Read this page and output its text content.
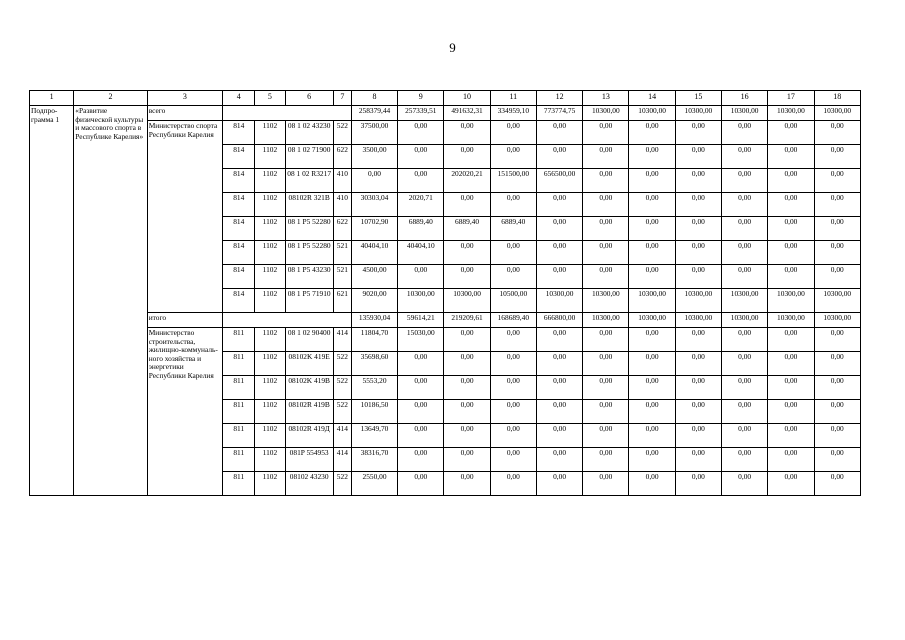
9
1	2	3	4	5	6	7	8	9	10	11	12	13	14	15	16	17	18
Подпро-грамма 1	«Развитие физической культуры и массового спорта в Республике Карелия»	всего					258379,44	257339,51	491632,31	334959,10	773774,75	10300,00	10300,00	10300,00	10300,00	10300,00	10300,00
		Министерство спорта Республики Карелия	814	1102	08 1 02 43230	522	37500,00	0,00	0,00	0,00	0,00	0,00	0,00	0,00	0,00	0,00	0,00
			814	1102	08 1 02 71900	622	3500,00	0,00	0,00	0,00	0,00	0,00	0,00	0,00	0,00	0,00	0,00
			814	1102	08 1 02 R3217	410	0,00	0,00	202020,21	151500,00	656500,00	0,00	0,00	0,00	0,00	0,00	0,00
			814	1102	08102R 321B	410	30303,04	2020,71	0,00	0,00	0,00	0,00	0,00	0,00	0,00	0,00	0,00
			814	1102	08 1 P5 52280	622	10702,90	6889,40	6889,40	6889,40	0,00	0,00	0,00	0,00	0,00	0,00	0,00
			814	1102	08 1 P5 52280	521	40404,10	40404,10	0,00	0,00	0,00	0,00	0,00	0,00	0,00	0,00	0,00
			814	1102	08 1 P5 43230	521	4500,00	0,00	0,00	0,00	0,00	0,00	0,00	0,00	0,00	0,00	0,00
			814	1102	08 1 P5 71910	621	9020,00	10300,00	10300,00	10500,00	10300,00	10300,00	10300,00	10300,00	10300,00	10300,00	10300,00
		итого					135930,04	59614,21	219209,61	168689,40	666800,00	10300,00	10300,00	10300,00	10300,00	10300,00	10300,00
		Министерство строительства, жилищно-коммуналь-ного хозяйства и энергетики Республики Карелия	811	1102	08 1 02 90400	414	11804,70	15030,00	0,00	0,00	0,00	0,00	0,00	0,00	0,00	0,00	0,00
			811	1102	08102K 419E	522	35698,60	0,00	0,00	0,00	0,00	0,00	0,00	0,00	0,00	0,00	0,00
			811	1102	08102K 419B	522	5553,20	0,00	0,00	0,00	0,00	0,00	0,00	0,00	0,00	0,00	0,00
			811	1102	08102R 419B	522	10186,50	0,00	0,00	0,00	0,00	0,00	0,00	0,00	0,00	0,00	0,00
			811	1102	08102R 419Д	414	13649,70	0,00	0,00	0,00	0,00	0,00	0,00	0,00	0,00	0,00	0,00
			811	1102	081P 554953	414	38316,70	0,00	0,00	0,00	0,00	0,00	0,00	0,00	0,00	0,00	0,00
			811	1102	08102 43230	522	2550,00	0,00	0,00	0,00	0,00	0,00	0,00	0,00	0,00	0,00	0,00
